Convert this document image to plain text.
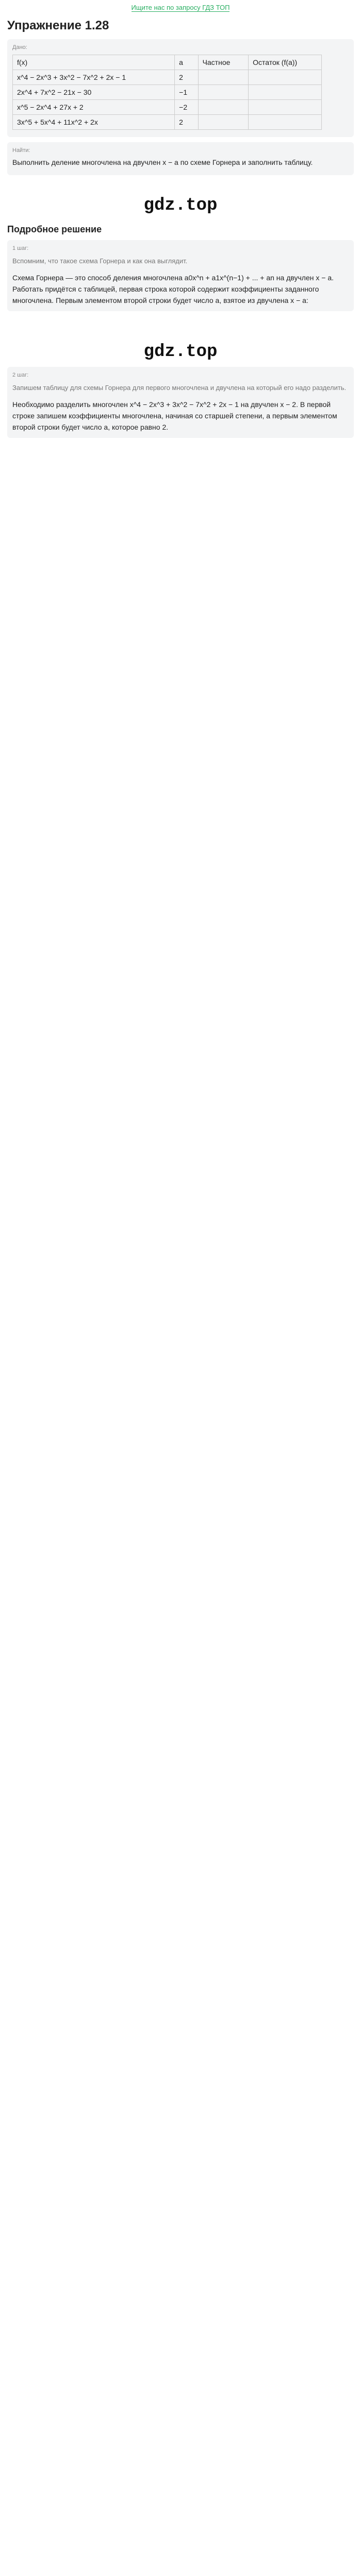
Ищите нас по запросу ГДЗ ТОП
Упражнение 1.28
Дано:
f(x)	a	Частное	Остаток (f(a))
x^4 − 2x^3 + 3x^2 − 7x^2 + 2x − 1	2		
2x^4 + 7x^2 − 21x − 30	−1		
x^5 − 2x^4 + 27x + 2	−2		
3x^5 + 5x^4 + 11x^2 + 2x	2		
Найти:
Выполнить деление многочлена на двучлен x − a по схеме Горнера и заполнить таблицу.
gdz.top
Подробное решение
1 шаг:
Вспомним, что такое схема Горнера и как она выглядит.
Схема Горнера — это способ деления многочлена a0x^n + a1x^(n−1) + ... + an на двучлен x − a. Работать придётся с таблицей, первая строка которой содержит коэффициенты заданного многочлена. Первым элементом второй строки будет число a, взятое из двучлена x − a:
gdz.top
2 шаг:
Запишем таблицу для схемы Горнера для первого многочлена и двучлена на который его надо разделить.
Необходимо разделить многочлен x^4 − 2x^3 + 3x^2 − 7x^2 + 2x − 1 на двучлен x − 2. В первой строке запишем коэффициенты многочлена, начиная со старшей степени, а первым элементом второй строки будет число a, которое равно 2.
